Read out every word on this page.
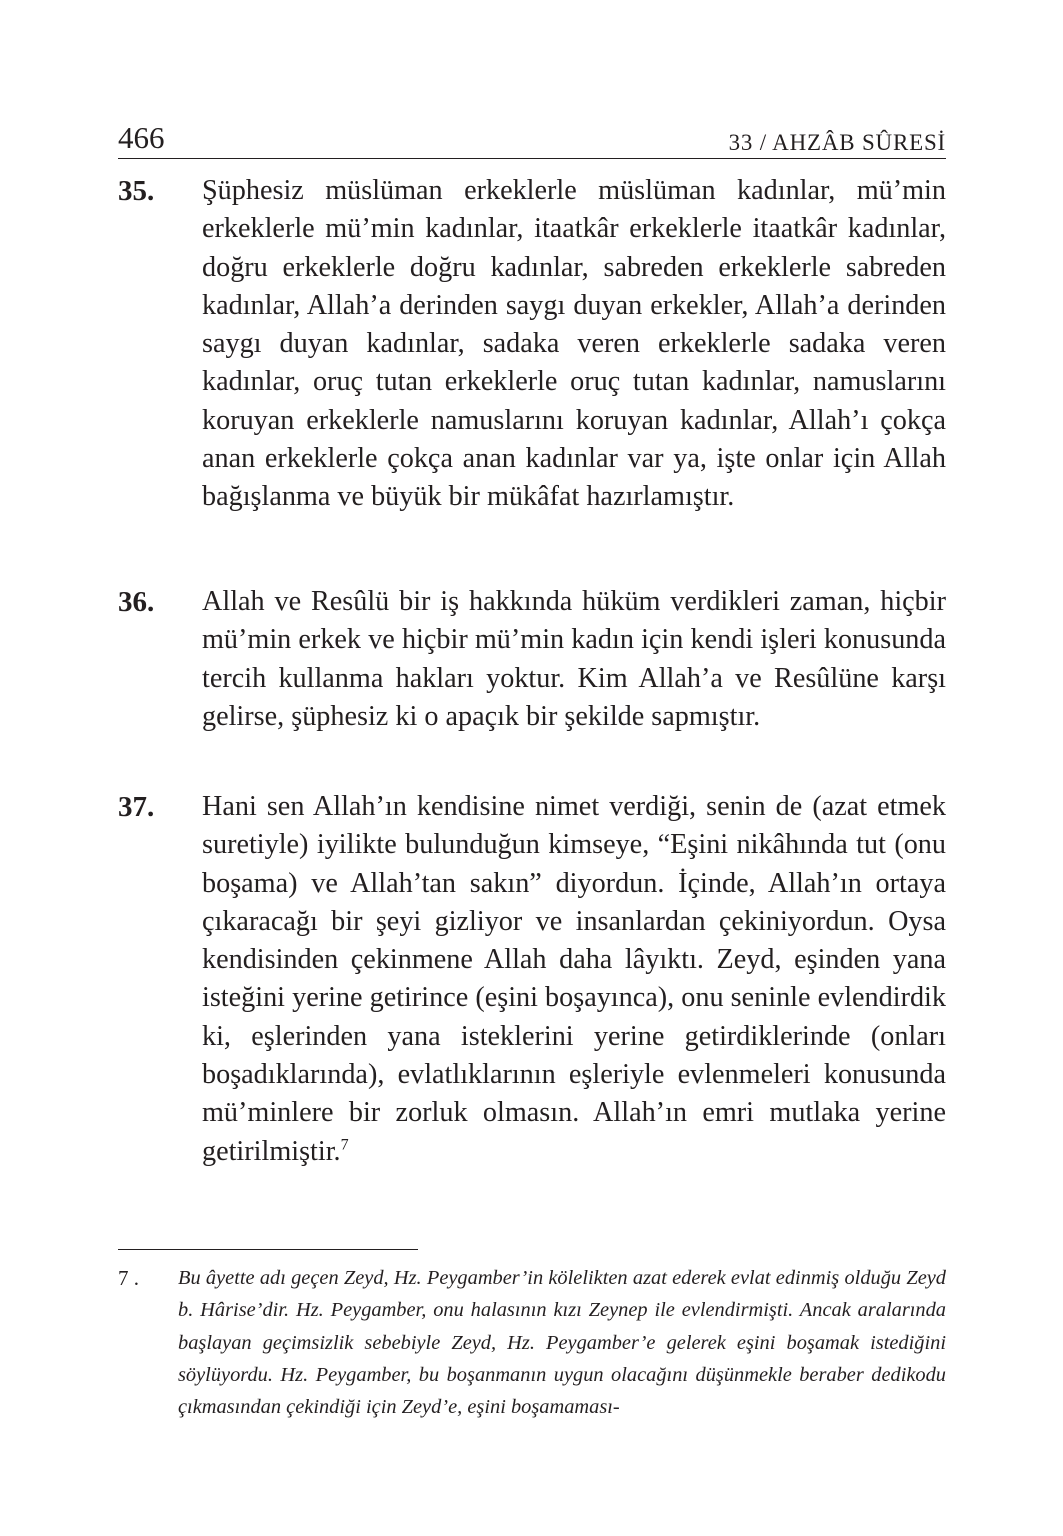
466	33 / AHZÂB SÛRESİ
35. Şüphesiz müslüman erkeklerle müslüman kadınlar, mü’min erkeklerle mü’min kadınlar, itaatkâr erkeklerle itaatkâr kadınlar, doğru erkeklerle doğru kadınlar, sabreden erkeklerle sabreden kadınlar, Allah’a derinden saygı duyan erkekler, Allah’a derinden saygı duyan kadınlar, sadaka veren erkeklerle sadaka veren kadınlar, oruç tutan erkeklerle oruç tutan kadınlar, namuslarını koruyan erkeklerle namuslarını koruyan kadınlar, Allah’ı çokça anan erkeklerle çokça anan kadınlar var ya, işte onlar için Allah bağışlanma ve büyük bir mükâfat hazırlamıştır.
36. Allah ve Resûlü bir iş hakkında hüküm verdikleri zaman, hiçbir mü’min erkek ve hiçbir mü’min kadın için kendi işleri konusunda tercih kullanma hakları yoktur. Kim Allah’a ve Resûlüne karşı gelirse, şüphesiz ki o apaçık bir şekilde sapmıştır.
37. Hani sen Allah’ın kendisine nimet verdiği, senin de (azat etmek suretiyle) iyilikte bulunduğun kimseye, “Eşini nikâhında tut (onu boşama) ve Allah’tan sakın” diyordun. İçinde, Allah’ın ortaya çıkaracağı bir şeyi gizliyor ve insanlardan çekiniyordun. Oysa kendisinden çekinmene Allah daha lâyıktı. Zeyd, eşinden yana isteğini yerine getirince (eşini boşayınca), onu seninle evlendirdik ki, eşlerinden yana isteklerini yerine getirdiklerinde (onları boşadıklarında), evlatlıklarının eşleriyle evlenmeleri konusunda mü’minlere bir zorluk olmasın. Allah’ın emri mutlaka yerine getirilmiştir.$^7$
7 . Bu âyette adı geçen Zeyd, Hz. Peygamber’in kölelikten azat ederek evlat edinmiş olduğu Zeyd b. Hârise’dir. Hz. Peygamber, onu halasının kızı Zeynep ile evlendirmişti. Ancak aralarında başlayan geçimsizlik sebebiyle Zeyd, Hz. Peygamber’e gelerek eşini boşamak istediğini söylüyordu. Hz. Peygamber, bu boşanmanın uygun olacağını düşünmekle beraber dedikodu çıkmasından çekindiği için Zeyd’e, eşini boşamaması-
